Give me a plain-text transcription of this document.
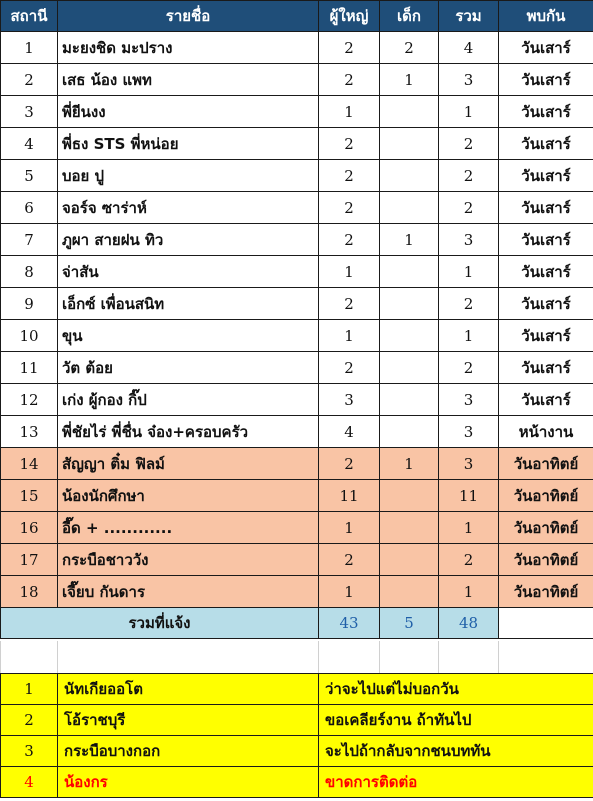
สถานี	รายชื่อ	ผู้ใหญ่	เด็ก	รวม	พบกัน
1	มะยงชิด มะปราง	2	2	4	วันเสาร์
2	เสธ น้อง แพท	2	1	3	วันเสาร์
3	พี่ยีนงง	1		1	วันเสาร์
4	พี่ธง STS พี่หน่อย	2		2	วันเสาร์
5	บอย ปู	2		2	วันเสาร์
6	จอร์จ ซาร่าห์	2		2	วันเสาร์
7	ภูผา สายฝน ทิว	2	1	3	วันเสาร์
8	จ่าสัน	1		1	วันเสาร์
9	เอ็กซ์ เพื่อนสนิท	2		2	วันเสาร์
10	ขุน	1		1	วันเสาร์
11	วัต ต้อย	2		2	วันเสาร์
12	เก่ง ผู้กอง กิ๊ป	3		3	วันเสาร์
13	พี่ชัยไร่ พี่ชื่น จ๋อง+ครอบครัว	4		3	หน้างาน
14	สัญญา ติ๋ม ฟิลม์	2	1	3	วันอาทิตย์
15	น้องนักศึกษา	11		11	วันอาทิตย์
16	อี๊ด + ............	1		1	วันอาทิตย์
17	กระบือชาววัง	2		2	วันอาทิตย์
18	เจี๊ยบ กันดาร	1		1	วันอาทิตย์
รวมที่แจ้ง		43	5	48	

1	นัทเกียออโต	ว่าจะไปแต่ไม่บอกวัน
2	โอ้ราชบุรี	ขอเคลียร์งาน ถ้าทันไป
3	กระบือบางกอก	จะไปถ้ากลับจากชนบททัน
4	น้องกร	ขาดการติดต่อ
